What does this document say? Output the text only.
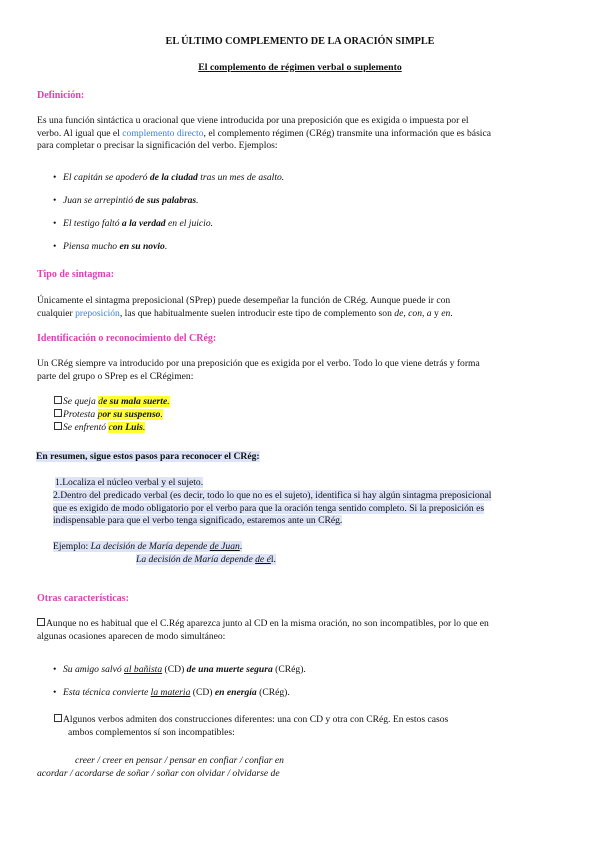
EL ÚLTIMO COMPLEMENTO DE LA ORACIÓN SIMPLE
El complemento de régimen verbal o suplemento
Definición:
Es una función sintáctica u oracional que viene introducida por una preposición que es exigida o impuesta por el
verbo. Al igual que el complemento directo, el complemento régimen (CRég) transmite una información que es básica
para completar o precisar la significación del verbo. Ejemplos:
• El capitán se apoderó de la ciudad tras un mes de asalto.
• Juan se arrepintió de sus palabras.
• El testigo faltó a la verdad en el juicio.
• Piensa mucho en su novio.
Tipo de sintagma:
Únicamente el sintagma preposicional (SPrep) puede desempeñar la función de CRég. Aunque puede ir con
cualquier preposición, las que habitualmente suelen introducir este tipo de complemento son de, con, a y en.
Identificación o reconocimiento del CRég:
Un CRég siempre va introducido por una preposición que es exigida por el verbo. Todo lo que viene detrás y forma
parte del grupo o SPrep es el CRégimen:
Se queja de su mala suerte.
Protesta por su suspenso.
Se enfrentó con Luis.
En resumen, sigue estos pasos para reconocer el CRég:
1.Localiza el núcleo verbal y el sujeto.
2.Dentro del predicado verbal (es decir, todo lo que no es el sujeto), identifica si hay algún sintagma preposicional
que es exigido de modo obligatorio por el verbo para que la oración tenga sentido completo. Si la preposición es
indispensable para que el verbo tenga significado, estaremos ante un CRég.
Ejemplo: La decisión de María depende de Juan.
La decisión de María depende de él.
Otras características:
Aunque no es habitual que el C.Rég aparezca junto al CD en la misma oración, no son incompatibles, por lo que en
algunas ocasiones aparecen de modo simultáneo:
• Su amigo salvó al bañista (CD) de una muerte segura (CRég).
• Esta técnica convierte la materia (CD) en energía (CRég).
Algunos verbos admiten dos construcciones diferentes: una con CD y otra con CRég. En estos casos
ambos complementos sí son incompatibles:
creer / creer en pensar / pensar en confiar / confiar en
acordar / acordarse de soñar / soñar con olvidar / olvidarse de
